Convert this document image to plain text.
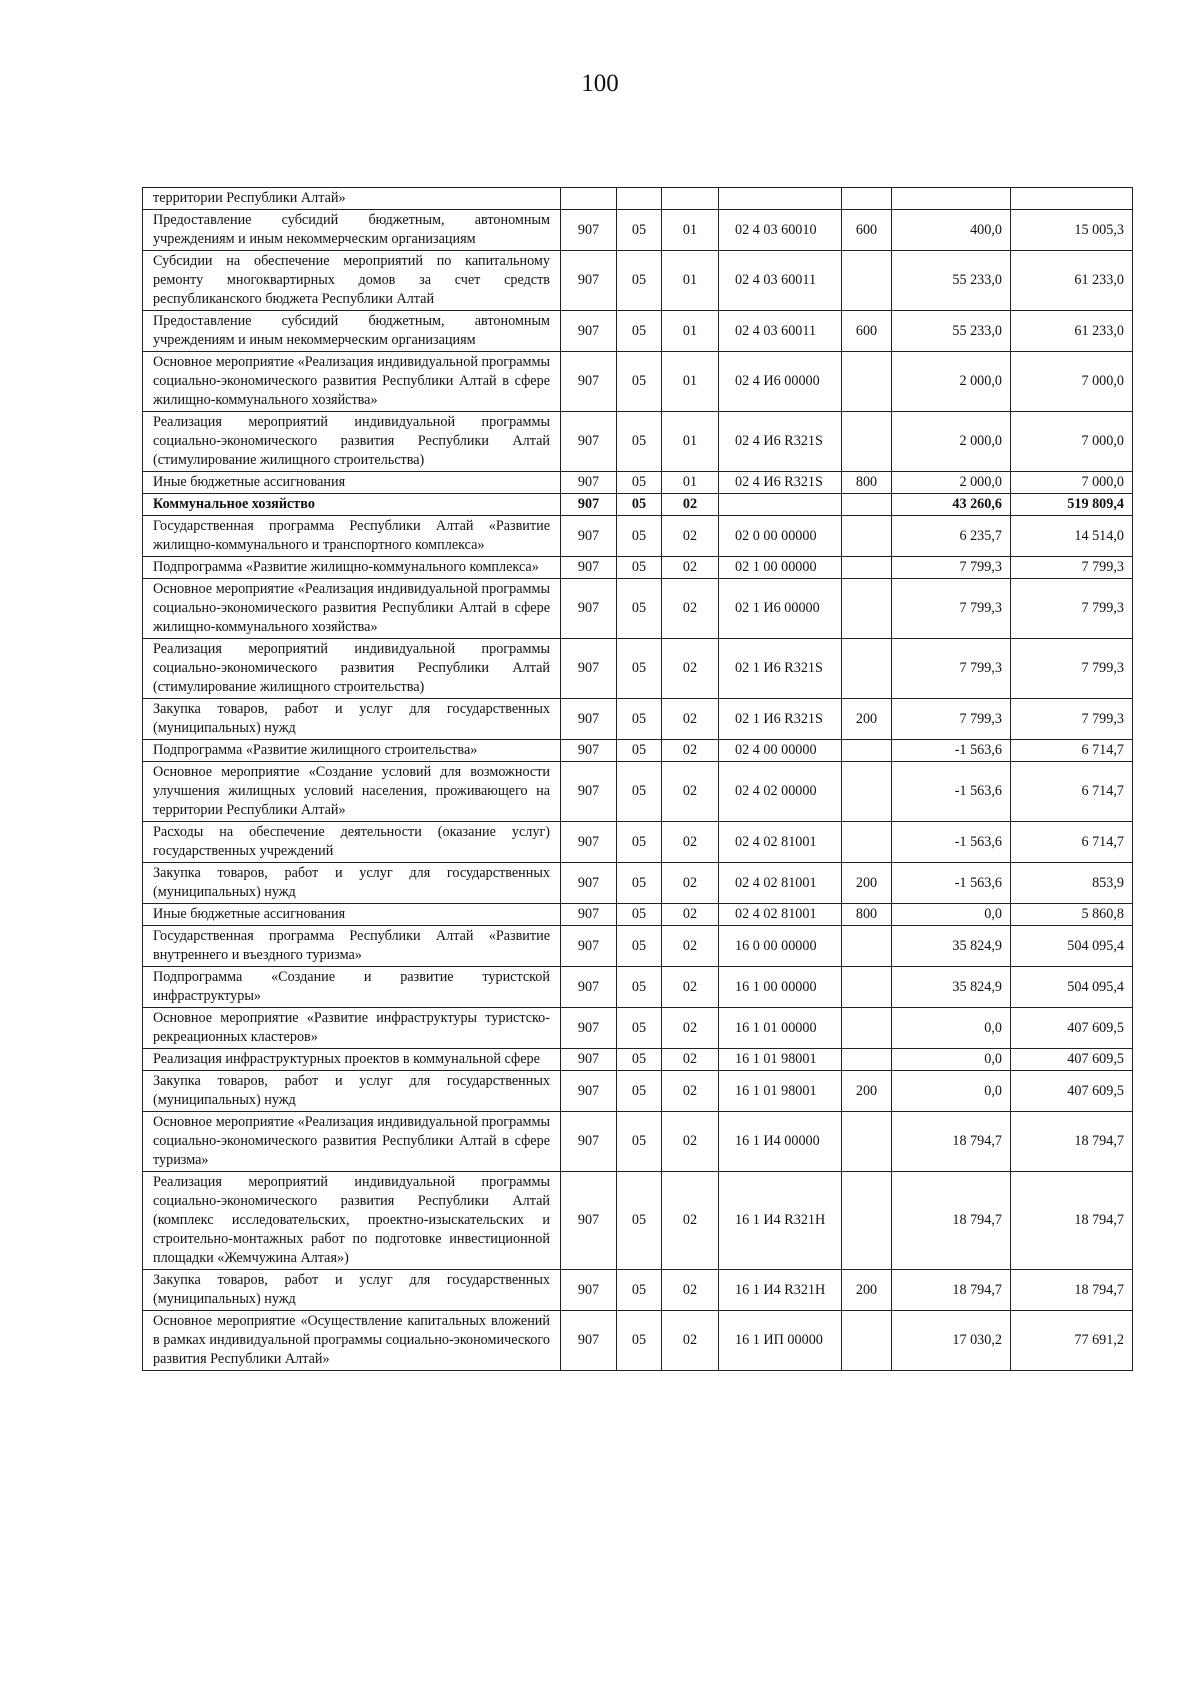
100
территории Республики Алтай»							
Предоставление субсидий бюджетным, автономным учреждениям и иным некоммерческим организациям	907	05	01	02 4 03 60010	600	400,0	15 005,3
Субсидии на обеспечение мероприятий по капитальному ремонту многоквартирных домов за счет средств республиканского бюджета Республики Алтай	907	05	01	02 4 03 60011		55 233,0	61 233,0
Предоставление субсидий бюджетным, автономным учреждениям и иным некоммерческим организациям	907	05	01	02 4 03 60011	600	55 233,0	61 233,0
Основное мероприятие «Реализация индивидуальной программы социально-экономического развития Республики Алтай в сфере жилищно-коммунального хозяйства»	907	05	01	02 4 И6 00000		2 000,0	7 000,0
Реализация мероприятий индивидуальной программы социально-экономического развития Республики Алтай (стимулирование жилищного строительства)	907	05	01	02 4 И6 R321S		2 000,0	7 000,0
Иные бюджетные ассигнования	907	05	01	02 4 И6 R321S	800	2 000,0	7 000,0
Коммунальное хозяйство	907	05	02			43 260,6	519 809,4
Государственная программа Республики Алтай «Развитие жилищно-коммунального и транспортного комплекса»	907	05	02	02 0 00 00000		6 235,7	14 514,0
Подпрограмма «Развитие жилищно-коммунального комплекса»	907	05	02	02 1 00 00000		7 799,3	7 799,3
Основное мероприятие «Реализация индивидуальной программы социально-экономического развития Республики Алтай в сфере жилищно-коммунального хозяйства»	907	05	02	02 1 И6 00000		7 799,3	7 799,3
Реализация мероприятий индивидуальной программы социально-экономического развития Республики Алтай (стимулирование жилищного строительства)	907	05	02	02 1 И6 R321S		7 799,3	7 799,3
Закупка товаров, работ и услуг для государственных (муниципальных) нужд	907	05	02	02 1 И6 R321S	200	7 799,3	7 799,3
Подпрограмма «Развитие жилищного строительства»	907	05	02	02 4 00 00000		-1 563,6	6 714,7
Основное мероприятие «Создание условий для возможности улучшения жилищных условий населения, проживающего на территории Республики Алтай»	907	05	02	02 4 02 00000		-1 563,6	6 714,7
Расходы на обеспечение деятельности (оказание услуг) государственных учреждений	907	05	02	02 4 02 81001		-1 563,6	6 714,7
Закупка товаров, работ и услуг для государственных (муниципальных) нужд	907	05	02	02 4 02 81001	200	-1 563,6	853,9
Иные бюджетные ассигнования	907	05	02	02 4 02 81001	800	0,0	5 860,8
Государственная программа Республики Алтай «Развитие внутреннего и въездного туризма»	907	05	02	16 0 00 00000		35 824,9	504 095,4
Подпрограмма «Создание и развитие туристской инфраструктуры»	907	05	02	16 1 00 00000		35 824,9	504 095,4
Основное мероприятие «Развитие инфраструктуры туристско-рекреационных кластеров»	907	05	02	16 1 01 00000		0,0	407 609,5
Реализация инфраструктурных проектов в коммунальной сфере	907	05	02	16 1 01 98001		0,0	407 609,5
Закупка товаров, работ и услуг для государственных (муниципальных) нужд	907	05	02	16 1 01 98001	200	0,0	407 609,5
Основное мероприятие «Реализация индивидуальной программы социально-экономического развития Республики Алтай в сфере туризма»	907	05	02	16 1 И4 00000		18 794,7	18 794,7
Реализация мероприятий индивидуальной программы социально-экономического развития Республики Алтай (комплекс исследовательских, проектно-изыскательских и строительно-монтажных работ по подготовке инвестиционной площадки «Жемчужина Алтая»)	907	05	02	16 1 И4 R321Н		18 794,7	18 794,7
Закупка товаров, работ и услуг для государственных (муниципальных) нужд	907	05	02	16 1 И4 R321Н	200	18 794,7	18 794,7
Основное мероприятие «Осуществление капитальных вложений в рамках индивидуальной программы социально-экономического развития Республики Алтай»	907	05	02	16 1 ИП 00000		17 030,2	77 691,2
